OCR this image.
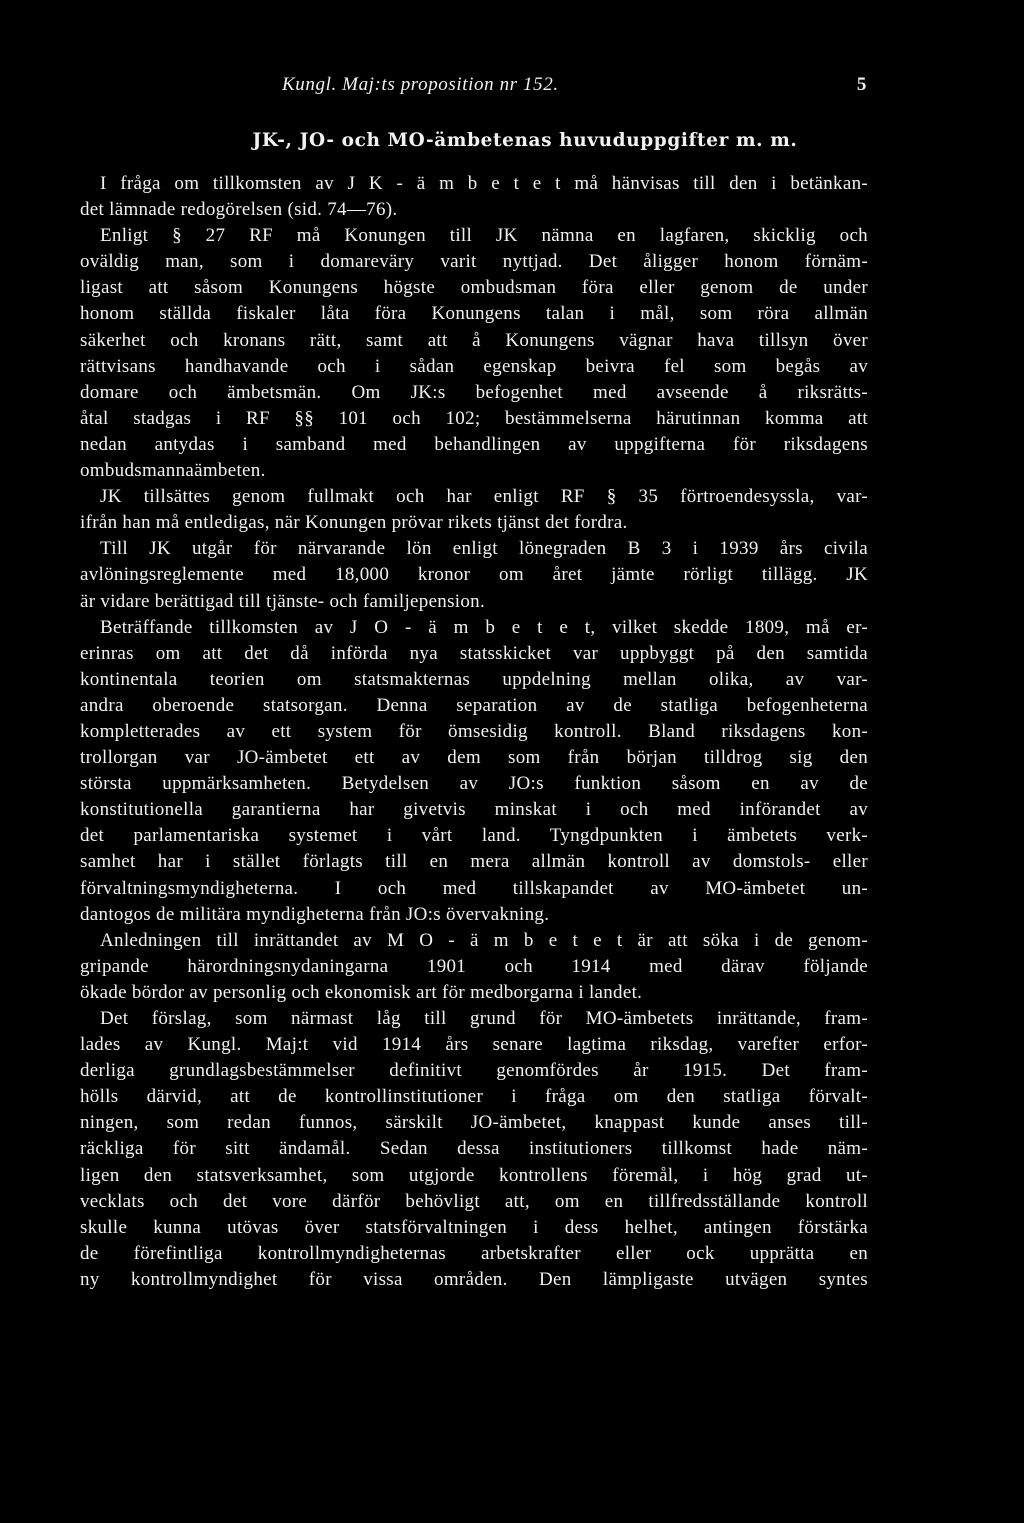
Kungl. Maj:ts proposition nr 152.	5
JK-, JO- och MO-ämbetenas huvuduppgifter m. m.
I fråga om tillkomsten av J K - ä m b e t e t må hänvisas till den i betänkan-
det lämnade redogörelsen (sid. 74—76).
Enligt § 27 RF må Konungen till JK nämna en lagfaren, skicklig och
oväldig man, som i domareväry varit nyttjad. Det åligger honom förnäm-
ligast att såsom Konungens högste ombudsman föra eller genom de under
honom ställda fiskaler låta föra Konungens talan i mål, som röra allmän
säkerhet och kronans rätt, samt att å Konungens vägnar hava tillsyn över
rättvisans handhavande och i sådan egenskap beivra fel som begås av
domare och ämbetsmän. Om JK:s befogenhet med avseende å riksrätts-
åtal stadgas i RF §§ 101 och 102; bestämmelserna härutinnan komma att
nedan antydas i samband med behandlingen av uppgifterna för riksdagens
ombudsmannaämbeten.
JK tillsättes genom fullmakt och har enligt RF § 35 förtroendesyssla, var-
ifrån han må entledigas, när Konungen prövar rikets tjänst det fordra.
Till JK utgår för närvarande lön enligt lönegraden B 3 i 1939 års civila
avlöningsreglemente med 18,000 kronor om året jämte rörligt tillägg. JK
är vidare berättigad till tjänste- och familjepension.
Beträffande tillkomsten av J O - ä m b e t e t, vilket skedde 1809, må er-
erinras om att det då införda nya statsskicket var uppbyggt på den samtida
kontinentala teorien om statsmakternas uppdelning mellan olika, av var-
andra oberoende statsorgan. Denna separation av de statliga befogenheterna
kompletterades av ett system för ömsesidig kontroll. Bland riksdagens kon-
trollorgan var JO-ämbetet ett av dem som från början tilldrog sig den
största uppmärksamheten. Betydelsen av JO:s funktion såsom en av de
konstitutionella garantierna har givetvis minskat i och med införandet av
det parlamentariska systemet i vårt land. Tyngdpunkten i ämbetets verk-
samhet har i stället förlagts till en mera allmän kontroll av domstols- eller
förvaltningsmyndigheterna. I och med tillskapandet av MO-ämbetet un-
dantogos de militära myndigheterna från JO:s övervakning.
Anledningen till inrättandet av M O - ä m b e t e t är att söka i de genom-
gripande härordningsnydaningarna 1901 och 1914 med därav följande
ökade bördor av personlig och ekonomisk art för medborgarna i landet.
Det förslag, som närmast låg till grund för MO-ämbetets inrättande, fram-
lades av Kungl. Maj:t vid 1914 års senare lagtima riksdag, varefter erfor-
derliga grundlagsbestämmelser definitivt genomfördes år 1915. Det fram-
hölls därvid, att de kontrollinstitutioner i fråga om den statliga förvalt-
ningen, som redan funnos, särskilt JO-ämbetet, knappast kunde anses till-
räckliga för sitt ändamål. Sedan dessa institutioners tillkomst hade näm-
ligen den statsverksamhet, som utgjorde kontrollens föremål, i hög grad ut-
vecklats och det vore därför behövligt att, om en tillfredsställande kontroll
skulle kunna utövas över statsförvaltningen i dess helhet, antingen förstärka
de förefintliga kontrollmyndigheternas arbetskrafter eller ock upprätta en
ny kontrollmyndighet för vissa områden. Den lämpligaste utvägen syntes
